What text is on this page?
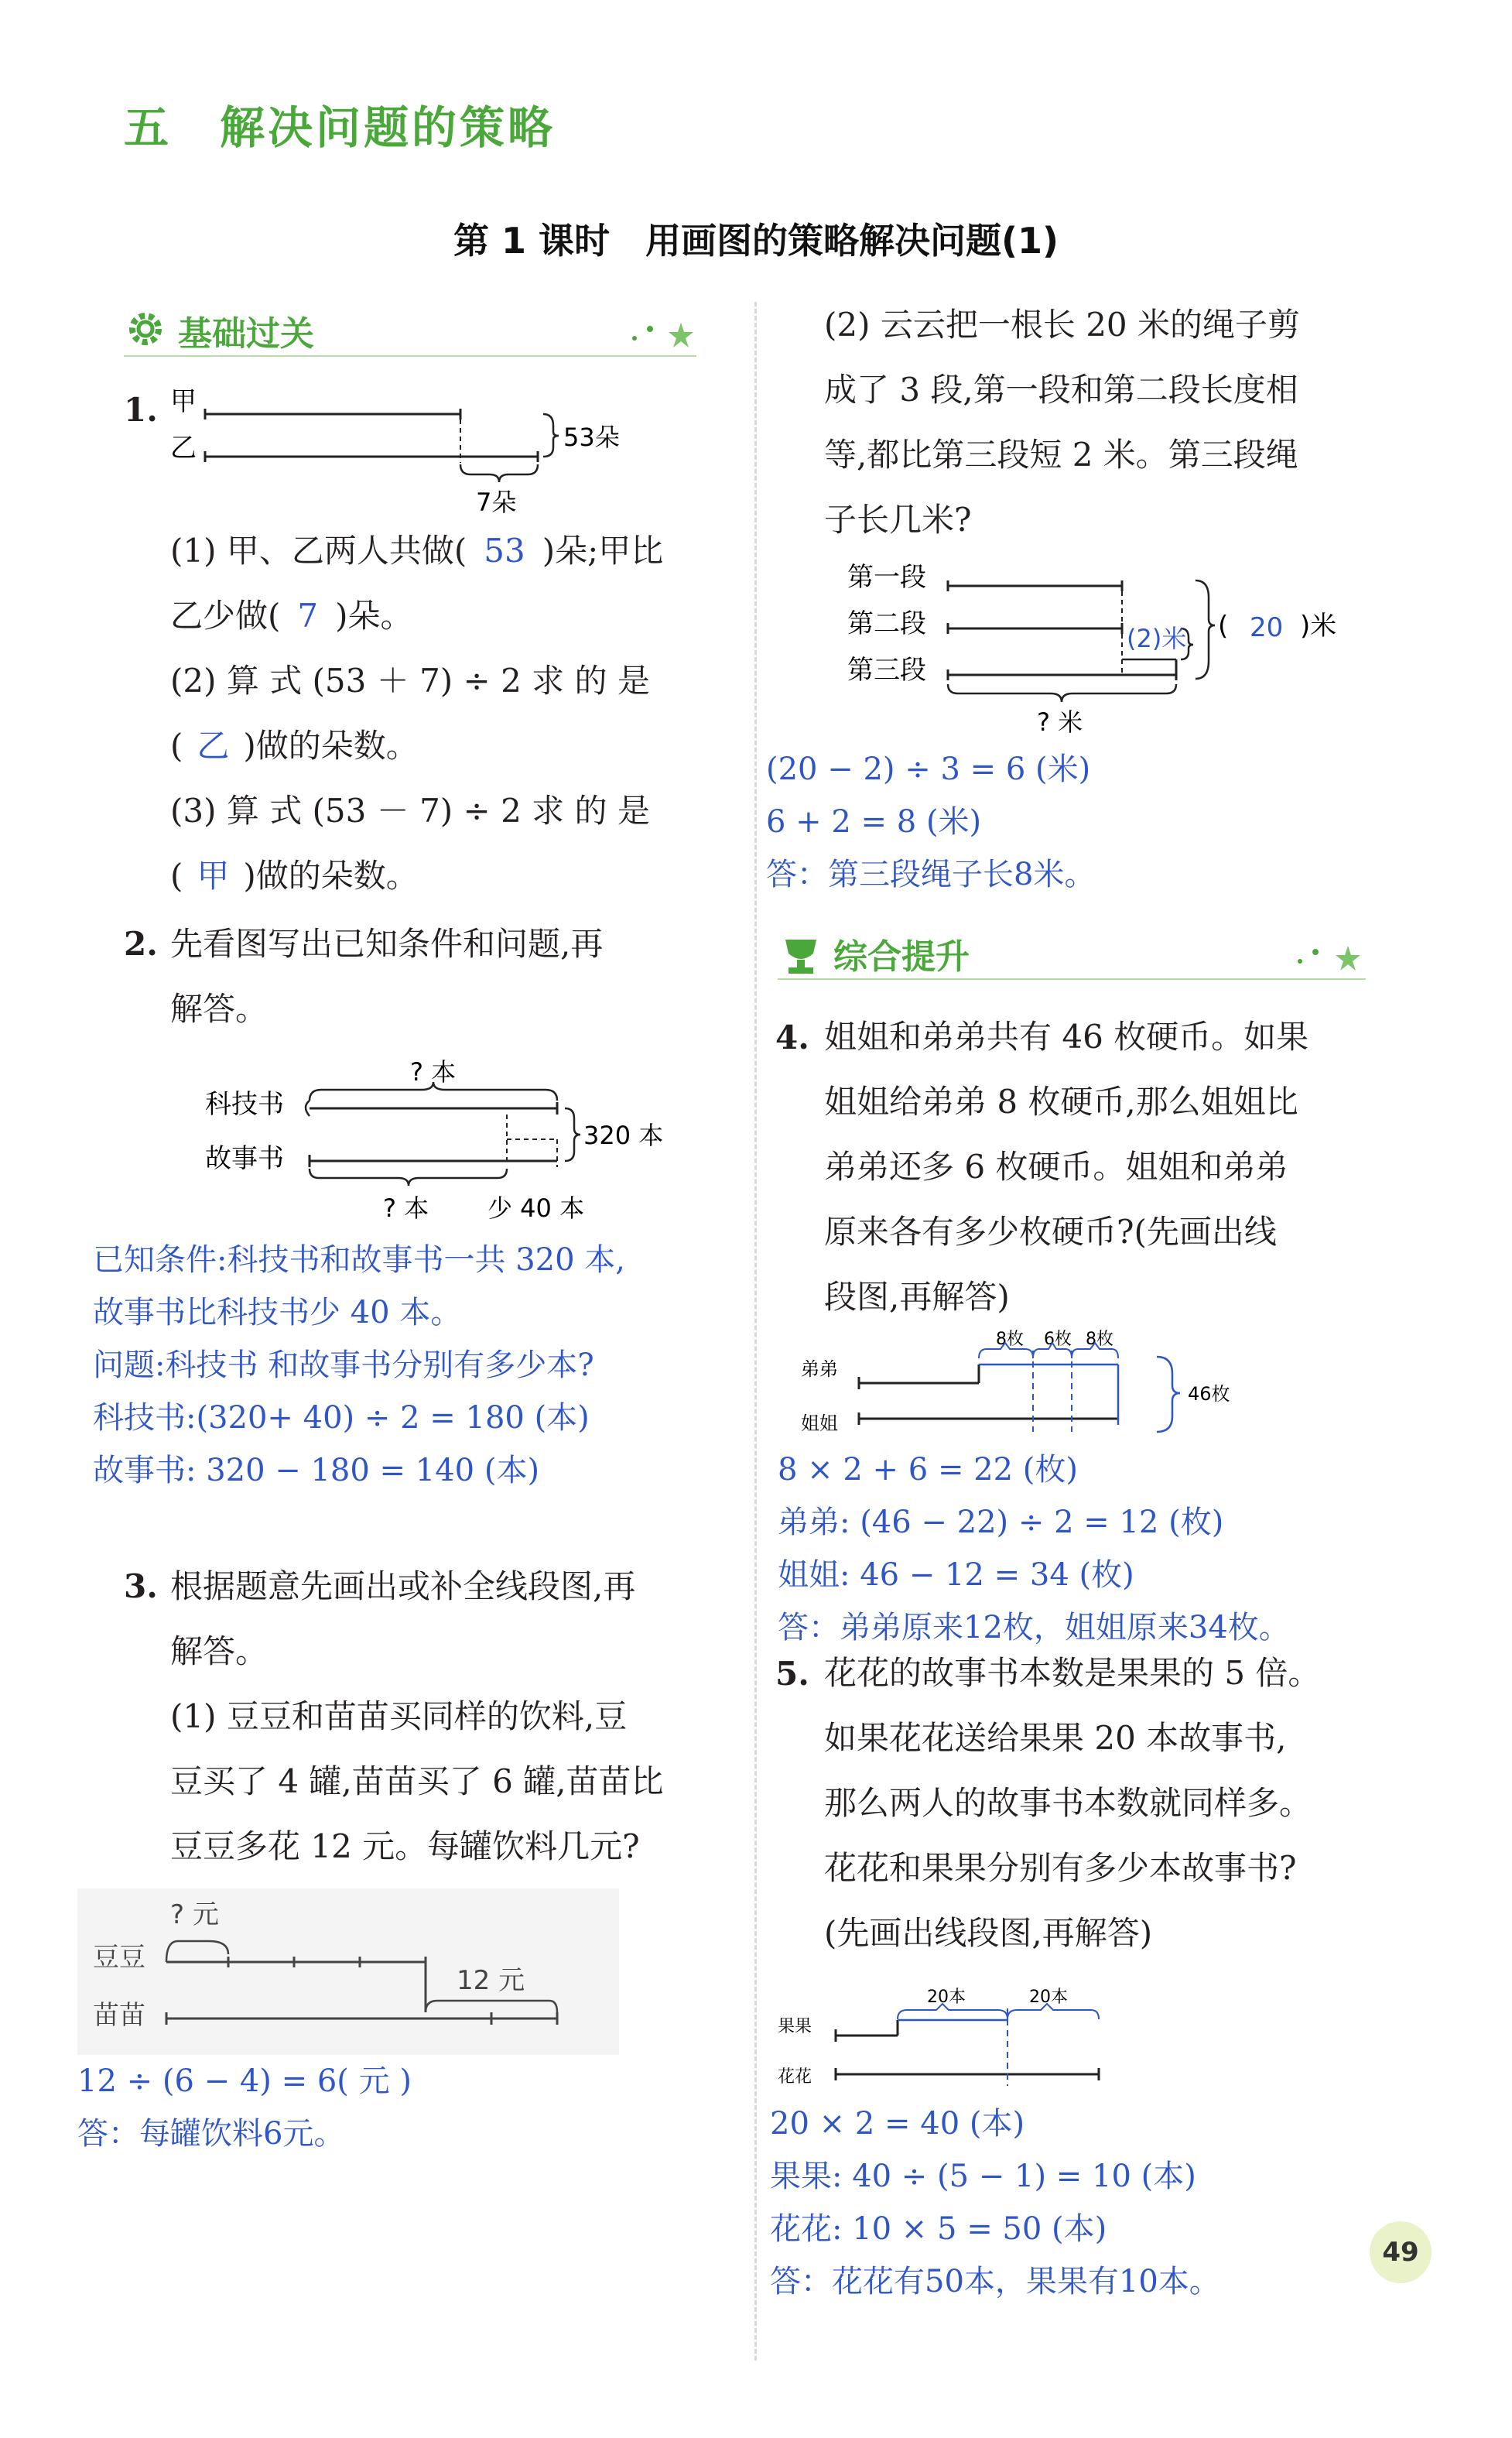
五　解决问题的策略
第 1 课时　用画图的策略解决问题(1)
基础过关
1. 甲
乙	53朵
7朵
(1) 甲、乙两人共做( 53 )朵;甲比
乙少做( 7 )朵。
(2) 算 式 (53 ＋ 7) ÷ 2 求 的 是
( 乙 )做的朵数。
(3) 算 式 (53 － 7) ÷ 2 求 的 是
( 甲 )做的朵数。
2. 先看图写出已知条件和问题,再
解答。
? 本
科技书
故事书
320 本
? 本 少 40 本
已知条件:科技书和故事书一共 320 本,
故事书比科技书少 40 本。
问题:科技书 和故事书分别有多少本?
科技书:(320+ 40) ÷ 2 = 180 (本)
故事书: 320 − 180 = 140 (本)
3. 根据题意先画出或补全线段图,再
解答。
(1) 豆豆和苗苗买同样的饮料,豆
豆买了 4 罐,苗苗买了 6 罐,苗苗比
豆豆多花 12 元。每罐饮料几元?
? 元
豆豆
苗苗
12 元
12 ÷ (6 − 4) = 6( 元 )
答：每罐饮料6元。
(2) 云云把一根长 20 米的绳子剪
成了 3 段,第一段和第二段长度相
等,都比第三段短 2 米。第三段绳
子长几米?
第一段
第二段
第三段
(2)米 ( 20 )米
? 米
(20 − 2) ÷ 3 = 6 (米)
6 + 2 = 8 (米)
答：第三段绳子长8米。
综合提升
4. 姐姐和弟弟共有 46 枚硬币。如果
姐姐给弟弟 8 枚硬币,那么姐姐比
弟弟还多 6 枚硬币。姐姐和弟弟
原来各有多少枚硬币?(先画出线
段图,再解答)
8枚 6枚 8枚
弟弟
姐姐
46枚
8 × 2 + 6 = 22 (枚)
弟弟: (46 − 22) ÷ 2 = 12 (枚)
姐姐: 46 − 12 = 34 (枚)
答：弟弟原来12枚，姐姐原来34枚。
5. 花花的故事书本数是果果的 5 倍。
如果花花送给果果 20 本故事书,
那么两人的故事书本数就同样多。
花花和果果分别有多少本故事书?
(先画出线段图,再解答)
20本	20本
果果
花花
20 × 2 = 40 (本)
果果: 40 ÷ (5 − 1) = 10 (本)
花花: 10 × 5 = 50 (本)
答：花花有50本，果果有10本。
49
